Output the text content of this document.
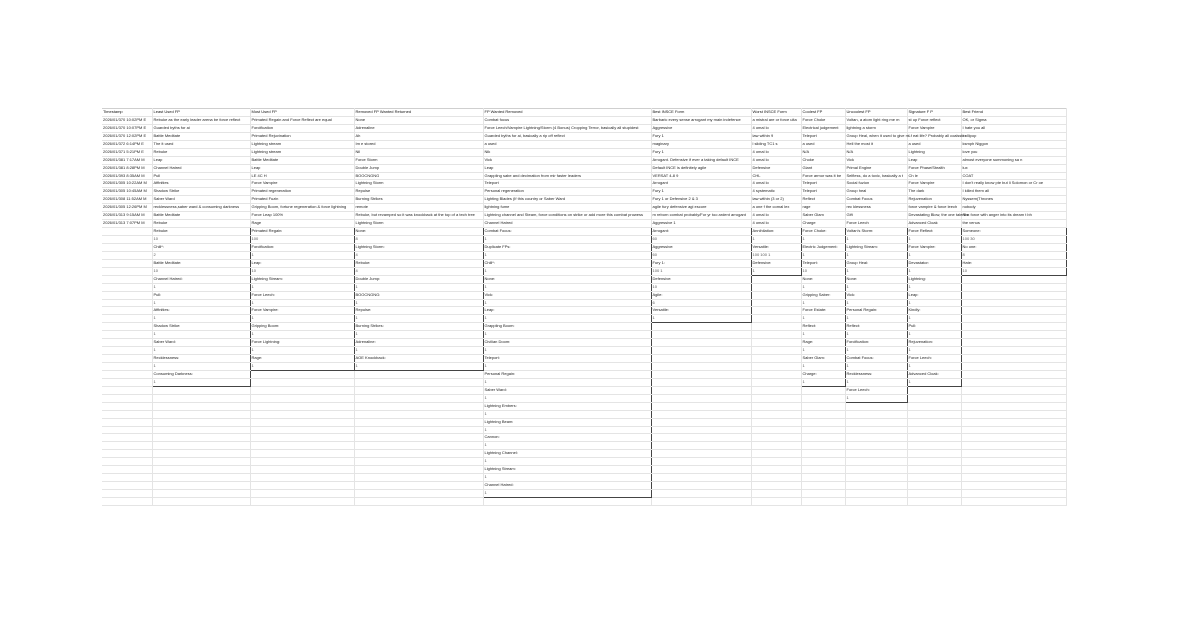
Timestamp	Least Used FP	Most Used FP	Removed FP Wanted Returned	FP Wanted Removed	Best INSCE Form	Worst INSCE Form	Coolest FP	Uncoolest FP	Signature F P	Best Friend
2026/01/370 10:02PM E	Rebuke as the early leader arena be force reflect	Primated Regain and Force Reflect are equal	None	Combat focus	Barbaric every sense arrogant my main indefence	a mistral are or force ulta	Force Choke	Voltan, a atom light ring me m	st up Force reflect	OK, or Sigma
2026/01/370 10:07PM E	Guarded byths for ai	Forcification	Adrenaline	Force Leech/Vampire Lightning/Storm (4 Bonus) Cropping Terror, basically all stupidest	Aggressive	4 omal lo	Electrical judgement	lightning a storm	Force Vampire	I hate you all
2026/01/370 12:02PM E	Battle Meditate	Primated Rejuvination	Ah	Guarded byths for ai, basically a rip off reflect	Fury 1	law within 9	Teleport	Group Heal, when it used to give m	Lf eat life? Probably all coalsster	Lollipop
2026/01/372 6:14PM E	The it used	Lightning stream	Im e stored	a used	maginary	l sliding TC1 s	a used	Hell the most it	a used	ksmph Niggon
2026/01/371 5:21PM E	Rebuke	Lightning stream	Nil	Nik	Fury 1	4 omal lo	N/A	N/A	Lightning	love you
2026/01/381 7:17AM M	Leap	Battle Meditate	Force Storm	Vick	Arrogant. Defensive if ever a taking default INCE	4 omal lo	Choke	Vick	Leap	almost everyone summoning sa n
2026/01/381 8:28PM M	Channel Hatred	Leap	Double Jump	Leap	Default INCE is definitely agile	Defensive	Giant	Primal Engine	Force Phase/Stealth	lux
2026/01/393 8:35AM M	Pull	LE 4C H	BOOCNGNG	Grappling sabe and decimation from mir faster leaders	VERSAT 4-8 9	CHL	Force armor was it be	Selfless, do a toxic, basically a t	Ch le	COAT
2026/01/305 10:22AM M	Affinities	Force Vampire	Lightning Storm	Teleport	Arrogant	4 omal lo	Teleport	Social fuzion	Force Vampire	I don't really know pte but li Solomon or Cr oe
2026/01/305 10:45AM M	Shadow Strike	Primated regeneration	Repulse	Personal regeneration	Fury 1	4 systematic	Teleport	Group heal	The dark	I killed them all
2026/01/308 11:52AM M	Saber Ward	Primated Fuzin	Burning Strikes	Lighting Blades (If this country or Saber Ward	Fury 1 or Defensive 2 & 3	law within (3 or 2)	Reflect	Combat Focus	Rejuvenation	Nyssem(Thrones
2026/01/305 12:26PM M	recklessness,saber ward & consuming darkness	Gripping Boom, fortune regeneration & force lightning	remote	lightning fume	agile fury defensive agi escore	a one f the comal lex	rage	rec klessness	force vampire & force leech	nobody
2026/01/313 9:15AM M	Battle Meditate	Force Leap 100%	Rebuke, but revamped so it was knockback at the top of a tech tree	Lightning channel and Steam, force conditions on strike or add more this combat prowess	m reborn combat probably/For yr too ardent arrogant	4 omal lo	Saber Glam	Gift	Devastating Blow, the one talent c	Sim force with anger into its dream t bh
2026/01/313 7:07PM M	Rebuke	Rage	Lightning Storm	Channel Hatred	Aggressive 1	4 omal lo	Charge	Force Leech	Advanced Cloak	the venus
	Rebuke:	Primated Regain:	None:	Combat Focus:	Arrogant:	Annihilation:	Force Choke:	Voltan's Storm:	Force Reflect:	Someone:
	10	100	8	1	60	1	1	1	1	100 30
	Chill*:	Forcification:	Lightning Storm:	Duplicate FPs:	Aggressive:	Versatile:	Electric Judgement:	Lightning Stream:	Force Vampire:	No one:
	2	1	4	1	60	100 100 1	1	1	1	8
	Battle Meditate:	Leap:	Rebuke:	Chill*:	Fury 1:	Defensive:	Teleport:	Group Heal:	Devastator:	Hate:
	10	10	4	1	100 1	1	10	1	1	10
	Channel Hatred:	Lightning Stream:	Double Jump:	None:	Defensive:		None:	None:	Lightning:	
	1	1	1	1	10		1	1	1	
	Pull:	Force Leech:	BOOCNGNG:	Vick:	Agile:		Gripping Saber:	Vick:	Leap:	
	1	1	1	1	6		1	1	1	
	Affinities:	Force Vampire:	Repulse:	Leap:	Versatile:		Force Estate:	Personal Regain:	Kindly:	
	1	1	1	1	1		1	1	1	
	Shadow Strike:	Gripping Boom:	Burning Strikes:	Grappling Boom:			Reflect:	Reflect:	Pull:	
	1	1	1	1			1	1	1	
	Saber Ward:	Force Lightning:	Adrenaline:	Civilian Doom:			Rage:	Forcification:	Rejuvenation:	
	1	1	1	1			1	1	1	
	Recklessness:	Rage:	AOE Knockback:	Teleport:			Saber Glam:	Combat Focus:	Force Leech:	
	1	1	1	1			1	1	1	
	Consuming Darkness:			Personal Regain:			Charge:	Recklessness:	Advanced Cloak:	
	1			1			1	1	1	
				Saber Ward:				Force Leech:		
				1				1		
				Lightning Embers:						
				1						
				Lightning Beam:						
				1						
				Cannon:						
				1						
				Lightning Channel:						
				1						
				Lightning Stream:						
				1						
				Channel Hatred:						
				1						
